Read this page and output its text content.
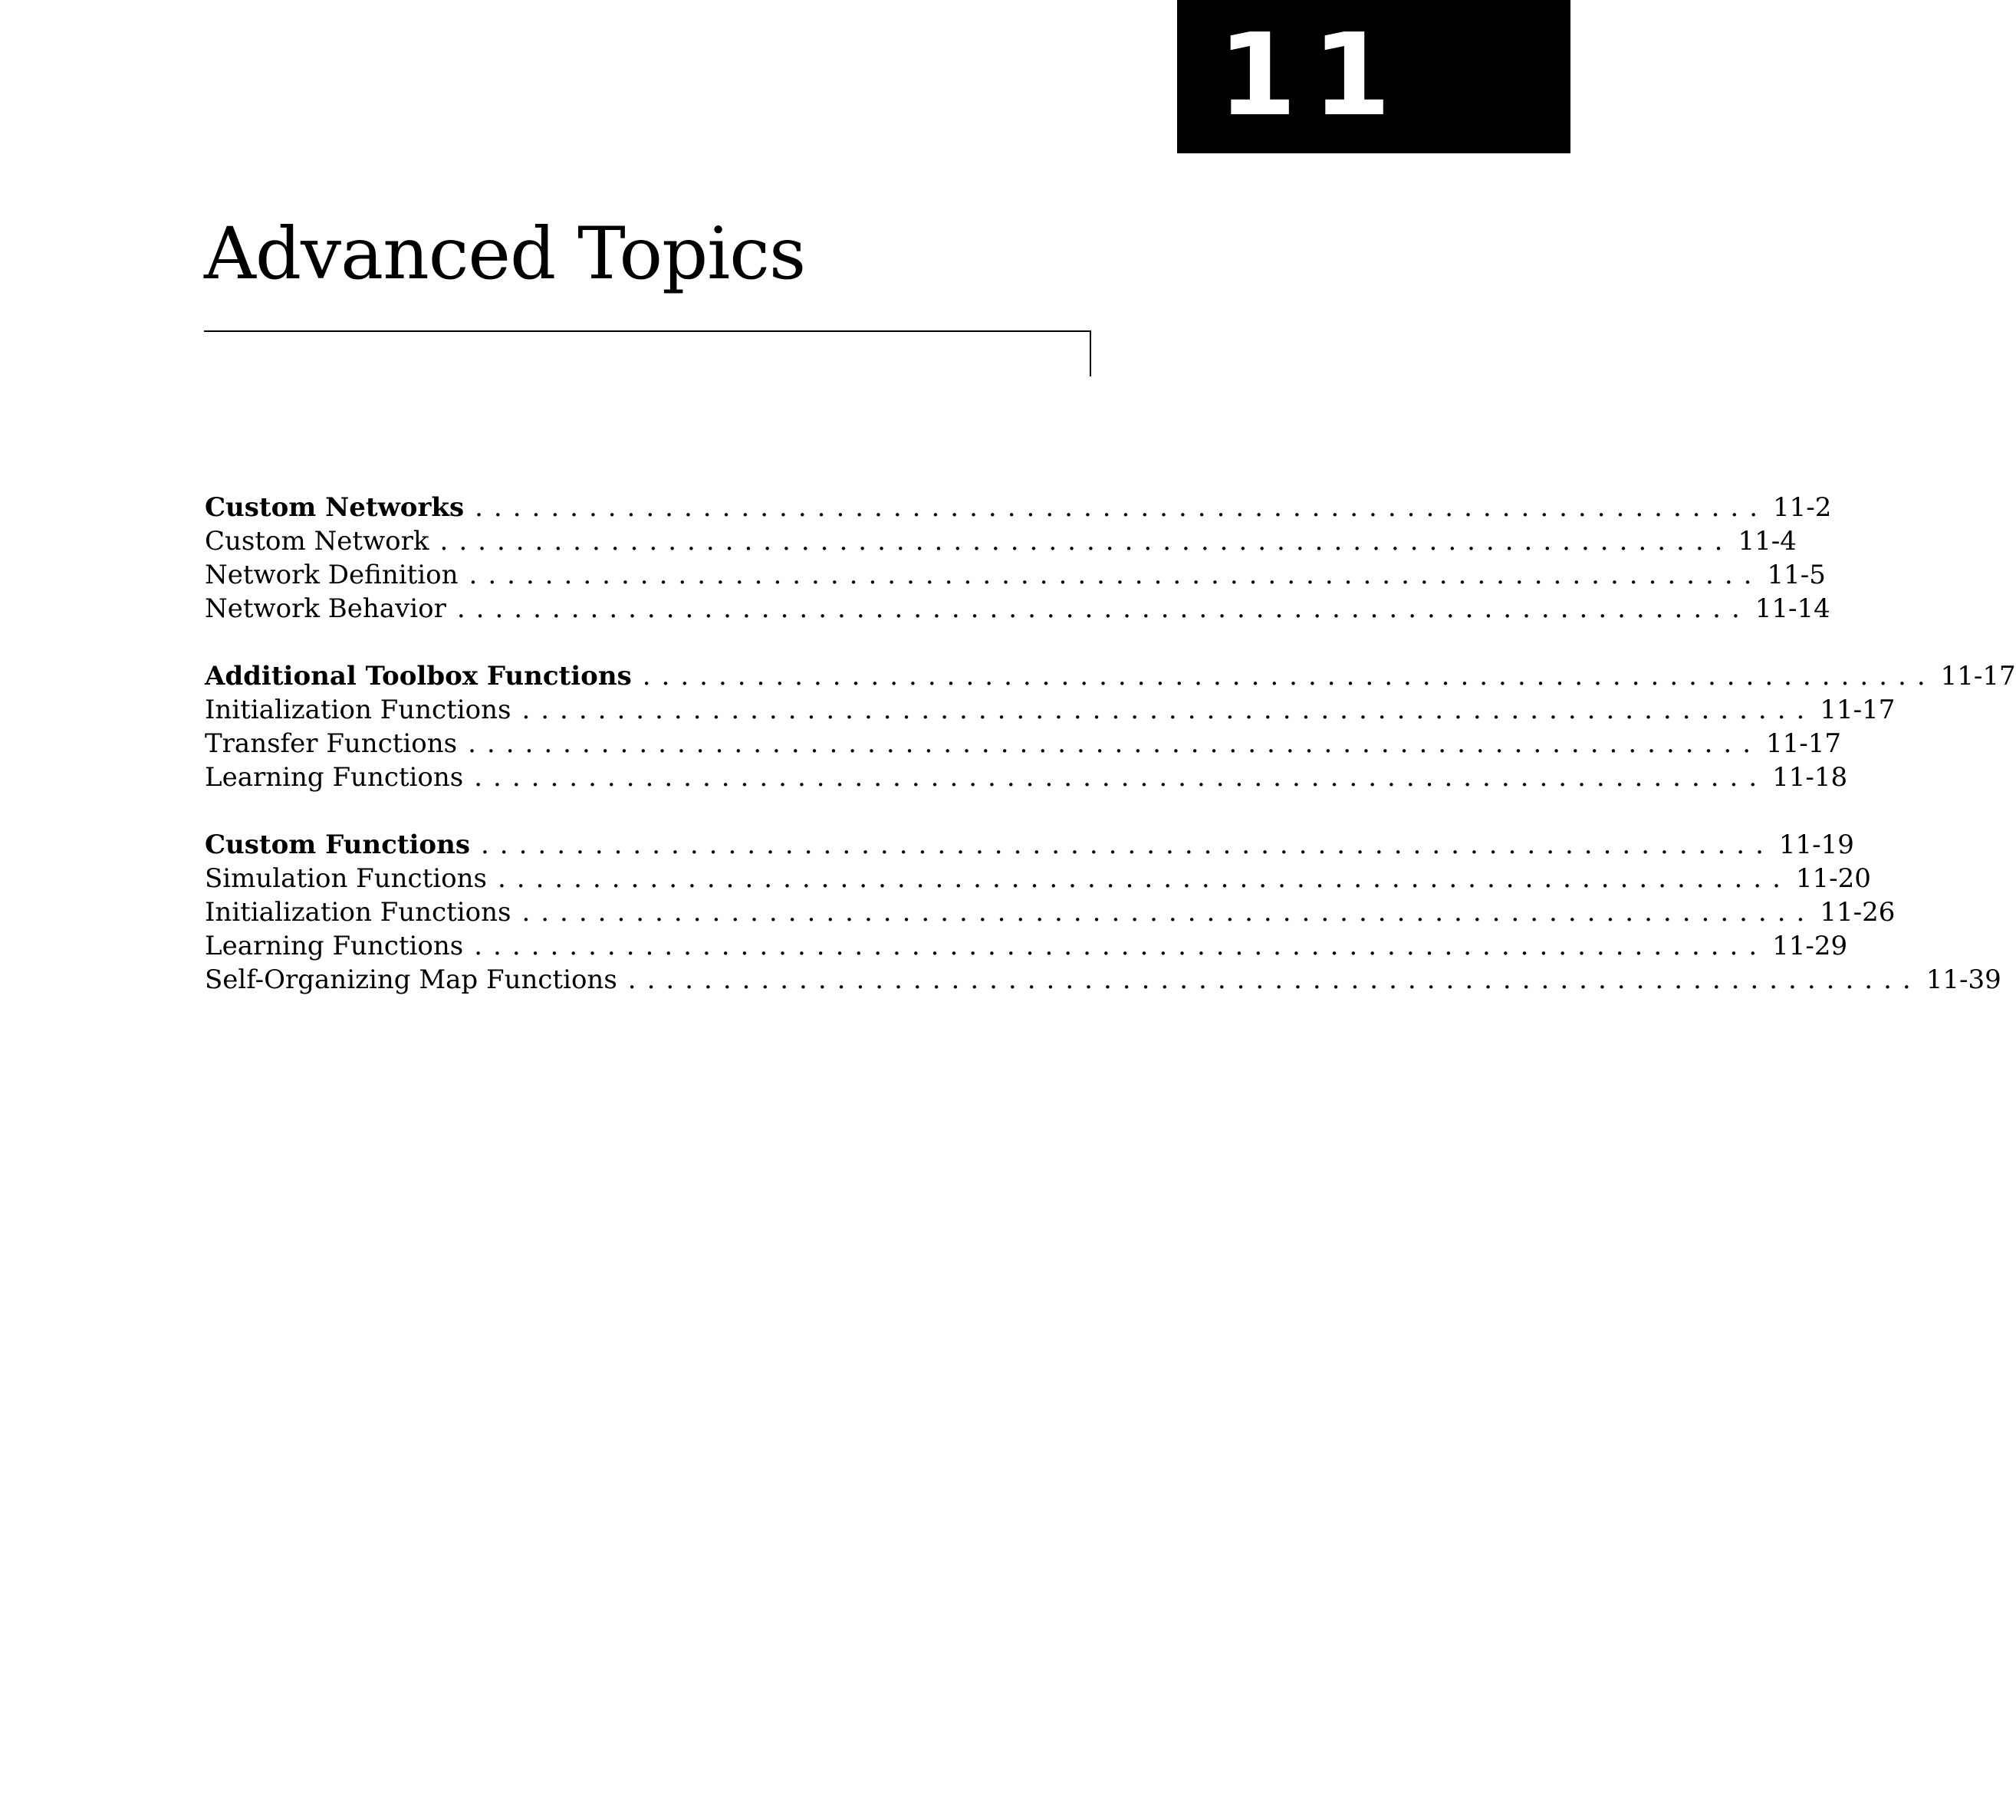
11
Advanced Topics
Custom Networks .................................................................... 11-2
Custom Network .................................................................... 11-4
Network Definition .................................................................... 11-5
Network Behavior .................................................................... 11-14
Additional Toolbox Functions .................................................................... 11-17
Initialization Functions .................................................................... 11-17
Transfer Functions .................................................................... 11-17
Learning Functions .................................................................... 11-18
Custom Functions .................................................................... 11-19
Simulation Functions .................................................................... 11-20
Initialization Functions .................................................................... 11-26
Learning Functions .................................................................... 11-29
Self-Organizing Map Functions .................................................................... 11-39
